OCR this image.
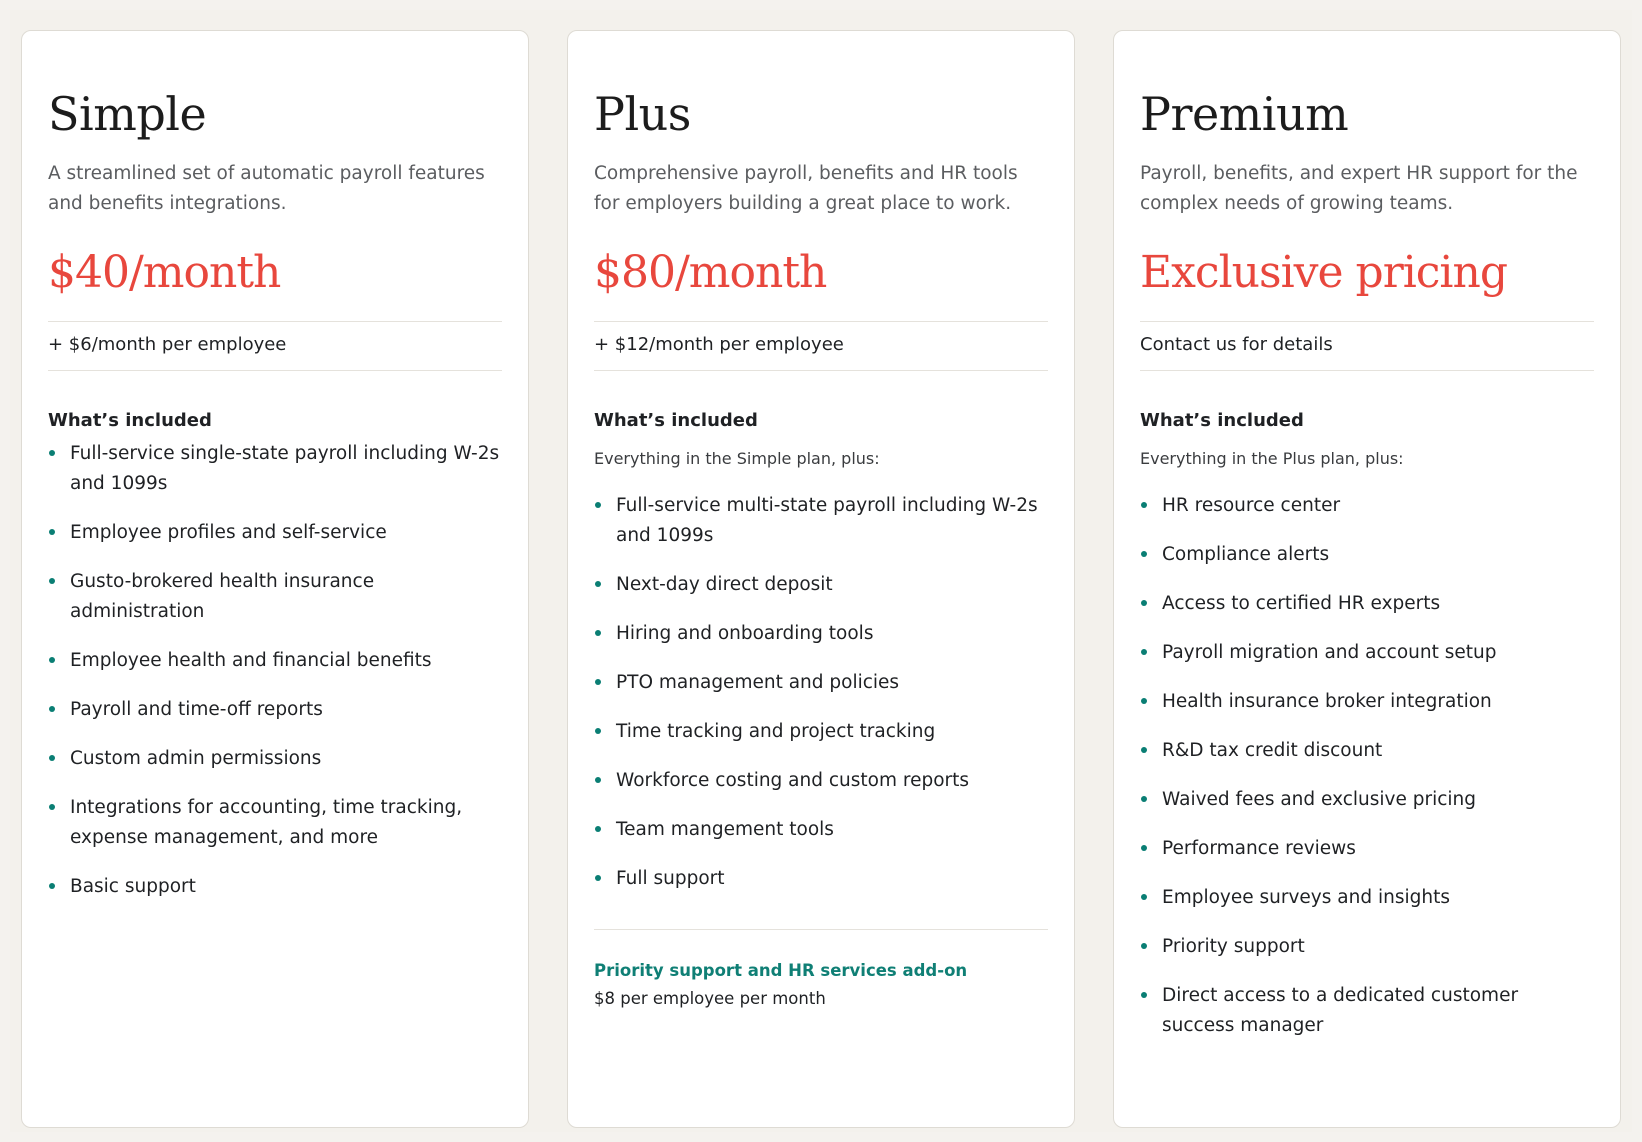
Simple

A streamlined set of automatic payroll features and benefits integrations.

$40/month
+ $6/month per employee
What’s included
Full-service single-state payroll including W-2s and 1099s
Employee profiles and self-service
Gusto-brokered health insurance administration
Employee health and financial benefits
Payroll and time-off reports
Custom admin permissions
Integrations for accounting, time tracking, expense management, and more
Basic support
Plus

Comprehensive payroll, benefits and HR tools for employers building a great place to work.

$80/month
+ $12/month per employee
What’s included
Everything in the Simple plan, plus:
Full-service multi-state payroll including W-2s and 1099s
Next-day direct deposit
Hiring and onboarding tools
PTO management and policies
Time tracking and project tracking
Workforce costing and custom reports
Team mangement tools
Full support
Priority support and HR services add-on
$8 per employee per month
Premium

Payroll, benefits, and expert HR support for the complex needs of growing teams.

Exclusive pricing
Contact us for details
What’s included
Everything in the Plus plan, plus:
HR resource center
Compliance alerts
Access to certified HR experts
Payroll migration and account setup
Health insurance broker integration
R&D tax credit discount
Waived fees and exclusive pricing
Performance reviews
Employee surveys and insights
Priority support
Direct access to a dedicated customer success manager
